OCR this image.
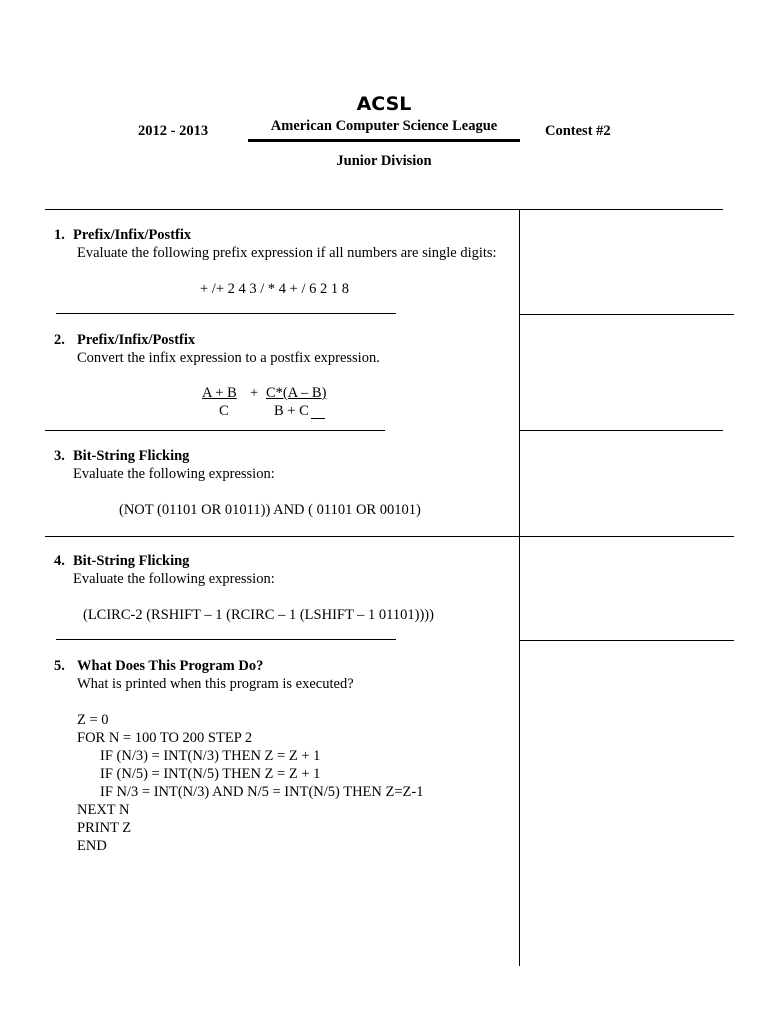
ACSL
2012 - 2013	American Computer Science League	Contest #2
Junior Division
1. Prefix/Infix/Postfix
Evaluate the following prefix expression if all numbers are single digits:
+ /+ 2 4 3 / * 4 + / 6 2 1 8
2. Prefix/Infix/Postfix
Convert the infix expression to a postfix expression.
A + B
C
+ C*(A – B)
B + C
3. Bit-String Flicking
Evaluate the following expression:
(NOT (01101 OR 01011)) AND ( 01101 OR 00101)
4. Bit-String Flicking
Evaluate the following expression:
(LCIRC-2 (RSHIFT – 1 (RCIRC – 1 (LSHIFT – 1 01101))))
5. What Does This Program Do?
What is printed when this program is executed?
Z = 0
FOR N = 100 TO 200 STEP 2
IF (N/3) = INT(N/3) THEN Z = Z + 1
IF (N/5) = INT(N/5) THEN Z = Z + 1
IF N/3 = INT(N/3) AND N/5 = INT(N/5) THEN Z=Z-1
NEXT N
PRINT Z
END
